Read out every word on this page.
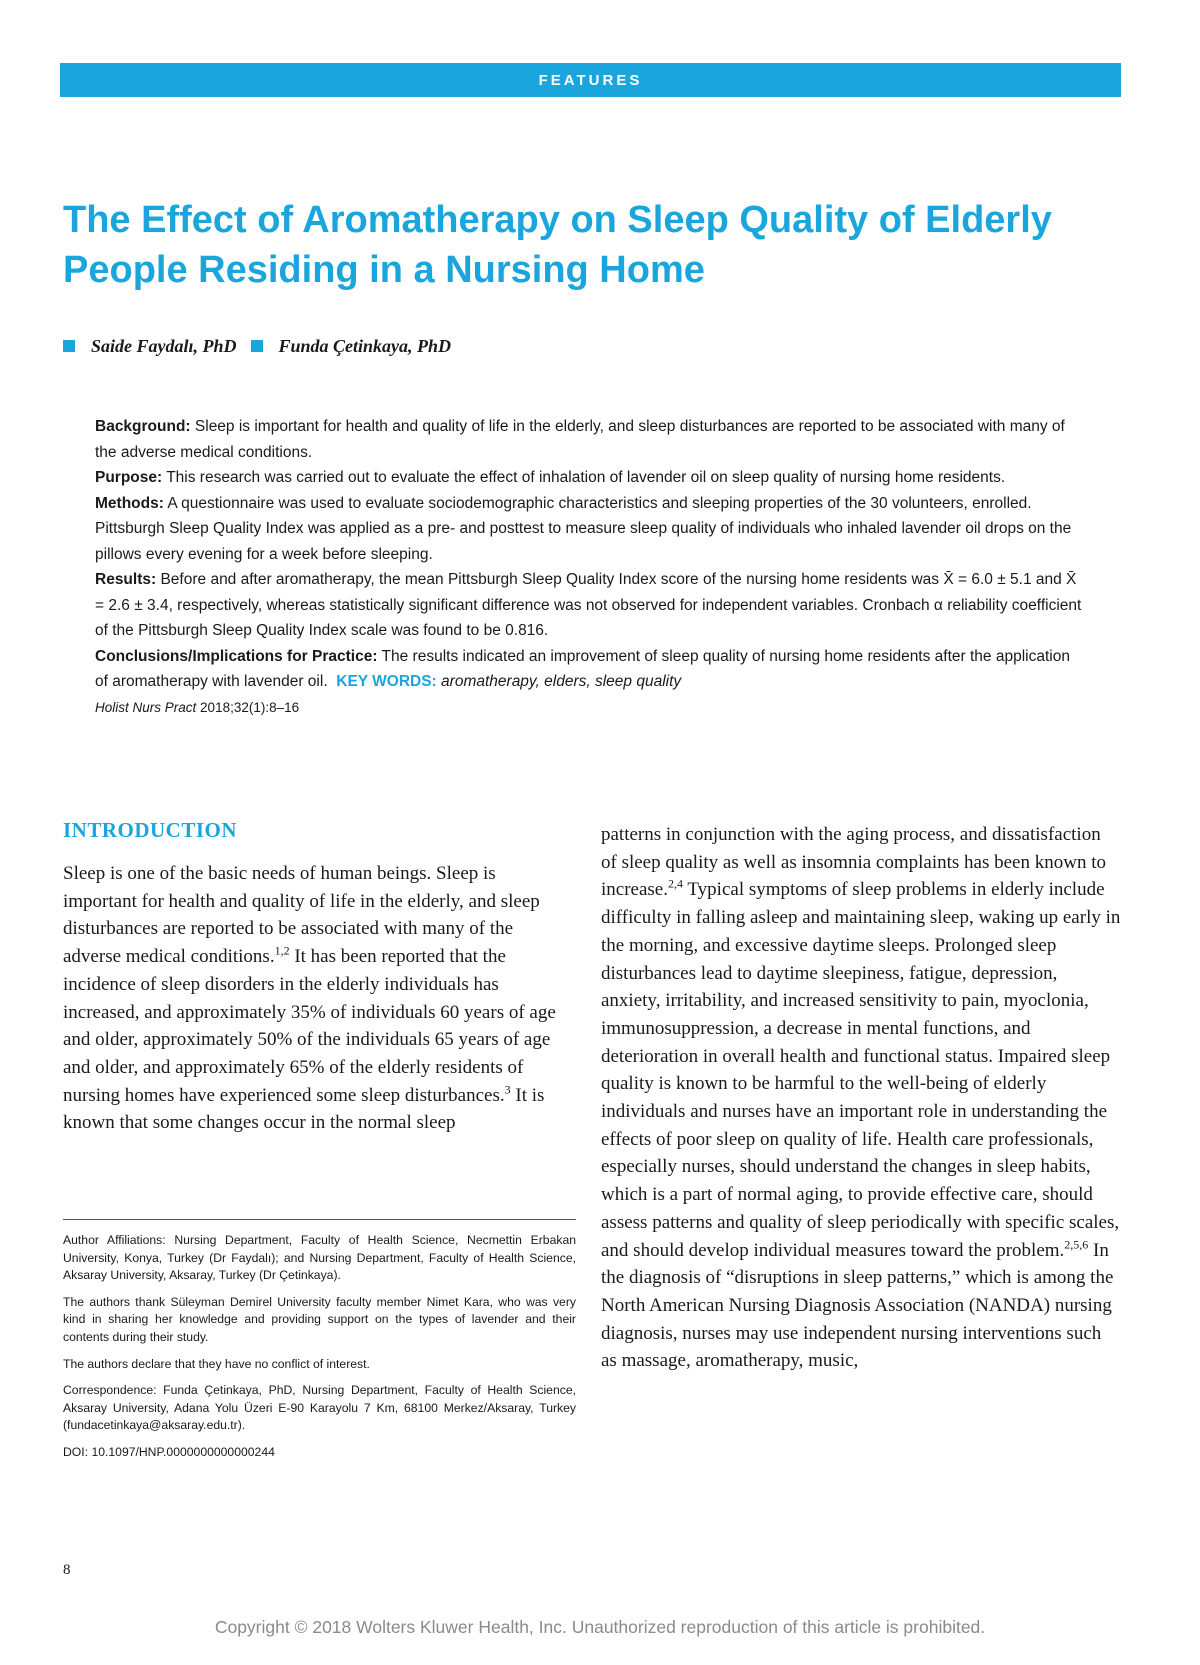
FEATURES
The Effect of Aromatherapy on Sleep Quality of Elderly People Residing in a Nursing Home
Saide Faydalı, PhD Funda Çetinkaya, PhD

Background: Sleep is important for health and quality of life in the elderly, and sleep disturbances are reported to be associated with many of the adverse medical conditions.

Purpose: This research was carried out to evaluate the effect of inhalation of lavender oil on sleep quality of nursing home residents.

Methods: A questionnaire was used to evaluate sociodemographic characteristics and sleeping properties of the 30 volunteers, enrolled. Pittsburgh Sleep Quality Index was applied as a pre- and posttest to measure sleep quality of individuals who inhaled lavender oil drops on the pillows every evening for a week before sleeping.

Results: Before and after aromatherapy, the mean Pittsburgh Sleep Quality Index score of the nursing home residents was X̄ = 6.0 ± 5.1 and X̄ = 2.6 ± 3.4, respectively, whereas statistically significant difference was not observed for independent variables. Cronbach α reliability coefficient of the Pittsburgh Sleep Quality Index scale was found to be 0.816.

Conclusions/Implications for Practice: The results indicated an improvement of sleep quality of nursing home residents after the application of aromatherapy with lavender oil. KEY WORDS: aromatherapy, elders, sleep quality

Holist Nurs Pract 2018;32(1):8–16

INTRODUCTION

Sleep is one of the basic needs of human beings. Sleep is important for health and quality of life in the elderly, and sleep disturbances are reported to be associated with many of the adverse medical conditions.$^{1,2}$ It has been reported that the incidence of sleep disorders in the elderly individuals has increased, and approximately 35% of individuals 60 years of age and older, approximately 50% of the individuals 65 years of age and older, and approximately 65% of the elderly residents of nursing homes have experienced some sleep disturbances.$^3$ It is known that some changes occur in the normal sleep

Author Affiliations: Nursing Department, Faculty of Health Science, Necmettin Erbakan University, Konya, Turkey (Dr Faydalı); and Nursing Department, Faculty of Health Science, Aksaray University, Aksaray, Turkey (Dr Çetinkaya).

The authors thank Süleyman Demirel University faculty member Nimet Kara, who was very kind in sharing her knowledge and providing support on the types of lavender and their contents during their study.

The authors declare that they have no conflict of interest.

Correspondence: Funda Çetinkaya, PhD, Nursing Department, Faculty of Health Science, Aksaray University, Adana Yolu Üzeri E-90 Karayolu 7 Km, 68100 Merkez/Aksaray, Turkey (fundacetinkaya@aksaray.edu.tr).

DOI: 10.1097/HNP.0000000000000244

patterns in conjunction with the aging process, and dissatisfaction of sleep quality as well as insomnia complaints has been known to increase.$^{2,4}$ Typical symptoms of sleep problems in elderly include difficulty in falling asleep and maintaining sleep, waking up early in the morning, and excessive daytime sleeps. Prolonged sleep disturbances lead to daytime sleepiness, fatigue, depression, anxiety, irritability, and increased sensitivity to pain, myoclonia, immunosuppression, a decrease in mental functions, and deterioration in overall health and functional status. Impaired sleep quality is known to be harmful to the well-being of elderly individuals and nurses have an important role in understanding the effects of poor sleep on quality of life. Health care professionals, especially nurses, should understand the changes in sleep habits, which is a part of normal aging, to provide effective care, should assess patterns and quality of sleep periodically with specific scales, and should develop individual measures toward the problem.$^{2,5,6}$ In the diagnosis of “disruptions in sleep patterns,” which is among the North American Nursing Diagnosis Association (NANDA) nursing diagnosis, nurses may use independent nursing interventions such as massage, aromatherapy, music,

8
Copyright © 2018 Wolters Kluwer Health, Inc. Unauthorized reproduction of this article is prohibited.
